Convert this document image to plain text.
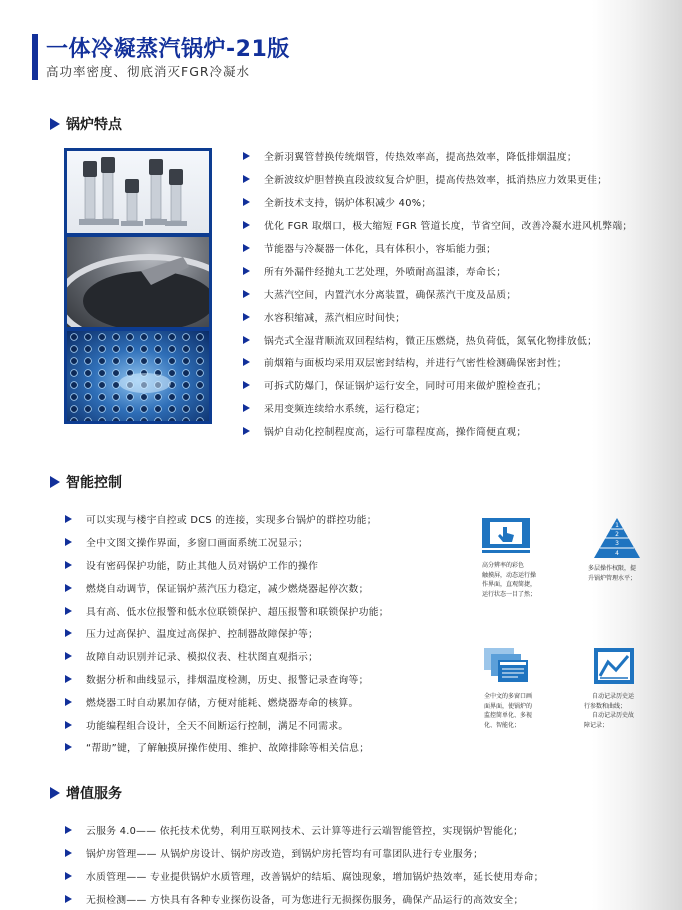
一体冷凝蒸汽锅炉-21版
高功率密度、彻底消灭FGR冷凝水
锅炉特点
全新羽翼管替换传统烟管，传热效率高，提高热效率，降低排烟温度；
全新波纹炉胆替换直段波纹复合炉胆，提高传热效率，抵消热应力效果更佳；
全新技术支持，锅炉体积减少 40%；
优化 FGR 取烟口，极大缩短 FGR 管道长度，节省空间，改善冷凝水进风机弊端；
节能器与冷凝器一体化，具有体积小，容垢能力强；
所有外漏件经抛丸工艺处理，外喷耐高温漆，寿命长；
大蒸汽空间，内置汽水分离装置，确保蒸汽干度及品质；
水容积缩减，蒸汽相应时间快；
锅壳式全湿背顺流双回程结构，微正压燃烧，热负荷低，氮氧化物排放低；
前烟箱与面板均采用双层密封结构，并进行气密性检测确保密封性；
可拆式防爆门，保证锅炉运行安全，同时可用来做炉膛检查孔；
采用变频连续给水系统，运行稳定；
锅炉自动化控制程度高，运行可靠程度高，操作简便直观；
智能控制
可以实现与楼宇自控或 DCS 的连接，实现多台锅炉的群控功能；
全中文图文操作界面，多窗口画面系统工况显示；
设有密码保护功能，防止其他人员对锅炉工作的操作
燃烧自动调节，保证锅炉蒸汽压力稳定，减少燃烧器起停次数；
具有高、低水位报警和低水位联锁保护、超压报警和联锁保护功能；
压力过高保护、温度过高保护、控制器故障保护等；
故障自动识别并记录、模拟仪表、柱状图直观指示；
数据分析和曲线显示，排烟温度检测，历史、报警记录查询等；
燃烧器工时自动累加存储，方便对能耗、燃烧器寿命的核算。
功能编程组合设计，全天不间断运行控制，满足不同需求。
“帮助”键，了解触摸屏操作使用、维护、故障排除等相关信息；
高分辨率的彩色
触摸屏，动态运行操
作界面，直观简捷，
运行状态一目了然；
1
2
3
4
多层操作权限，提
升锅炉管理水平；
全中文的多窗口画
面界面，使锅炉的
监控简单化、多视
化、智能化；
自动记录历史运
行参数和曲线；
自动记录历史故
障记录；
增值服务
云服务 4.0—— 依托技术优势，利用互联网技术、云计算等进行云端智能管控，实现锅炉智能化；
锅炉房管理—— 从锅炉房设计、锅炉房改造，到锅炉房托管均有可靠团队进行专业服务；
水质管理—— 专业提供锅炉水质管理，改善锅炉的结垢、腐蚀现象，增加锅炉热效率，延长使用寿命；
无损检测—— 方快具有各种专业探伤设备，可为您进行无损探伤服务，确保产品运行的高效安全；
